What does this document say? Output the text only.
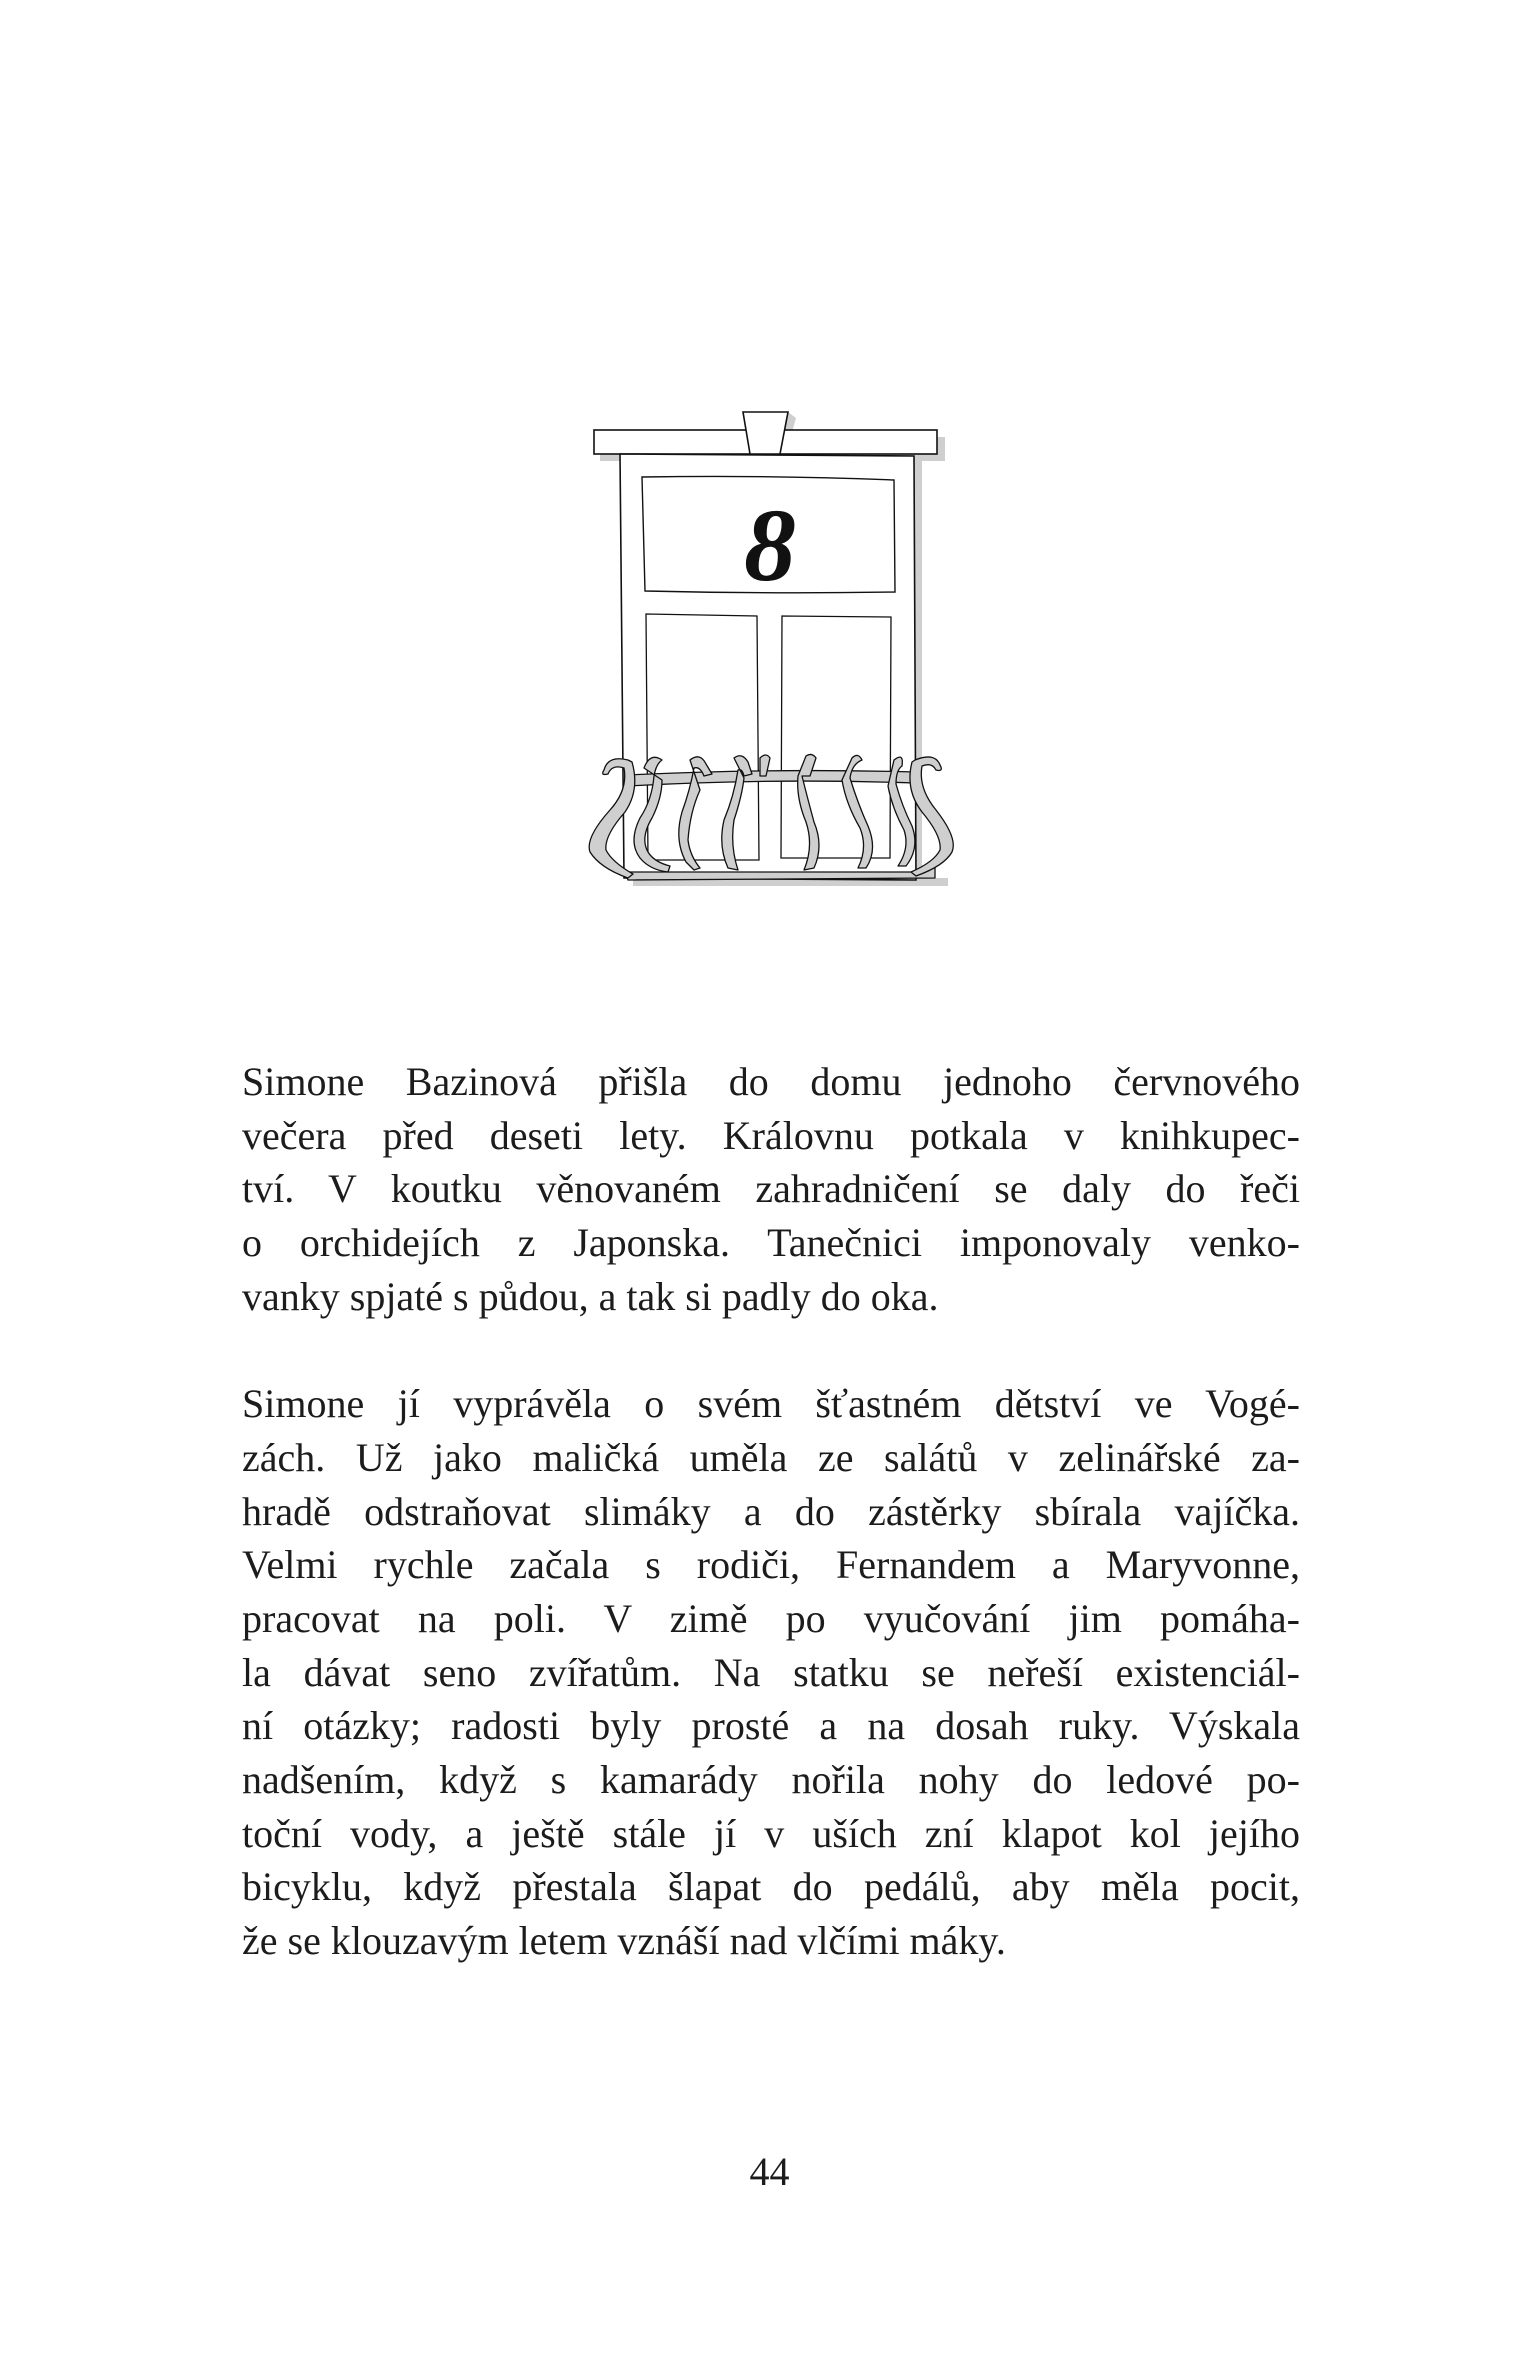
8
Simone Bazinová přišla do domu jednoho červnového
večera před deseti lety. Královnu potkala v knihkupec-
tví. V koutku věnovaném zahradničení se daly do řeči
o orchidejích z Japonska. Tanečnici imponovaly venko-
vanky spjaté s půdou, a tak si padly do oka.
Simone jí vyprávěla o svém šťastném dětství ve Vogé-
zách. Už jako maličká uměla ze salátů v zelinářské za-
hradě odstraňovat slimáky a do zástěrky sbírala vajíčka.
Velmi rychle začala s rodiči, Fernandem a Maryvonne,
pracovat na poli. V zimě po vyučování jim pomáha-
la dávat seno zvířatům. Na statku se neřeší existenciál-
ní otázky; radosti byly prosté a na dosah ruky. Výskala
nadšením, když s kamarády nořila nohy do ledové po-
toční vody, a ještě stále jí v uších zní klapot kol jejího
bicyklu, když přestala šlapat do pedálů, aby měla pocit,
že se klouzavým letem vznáší nad vlčími máky.
44
